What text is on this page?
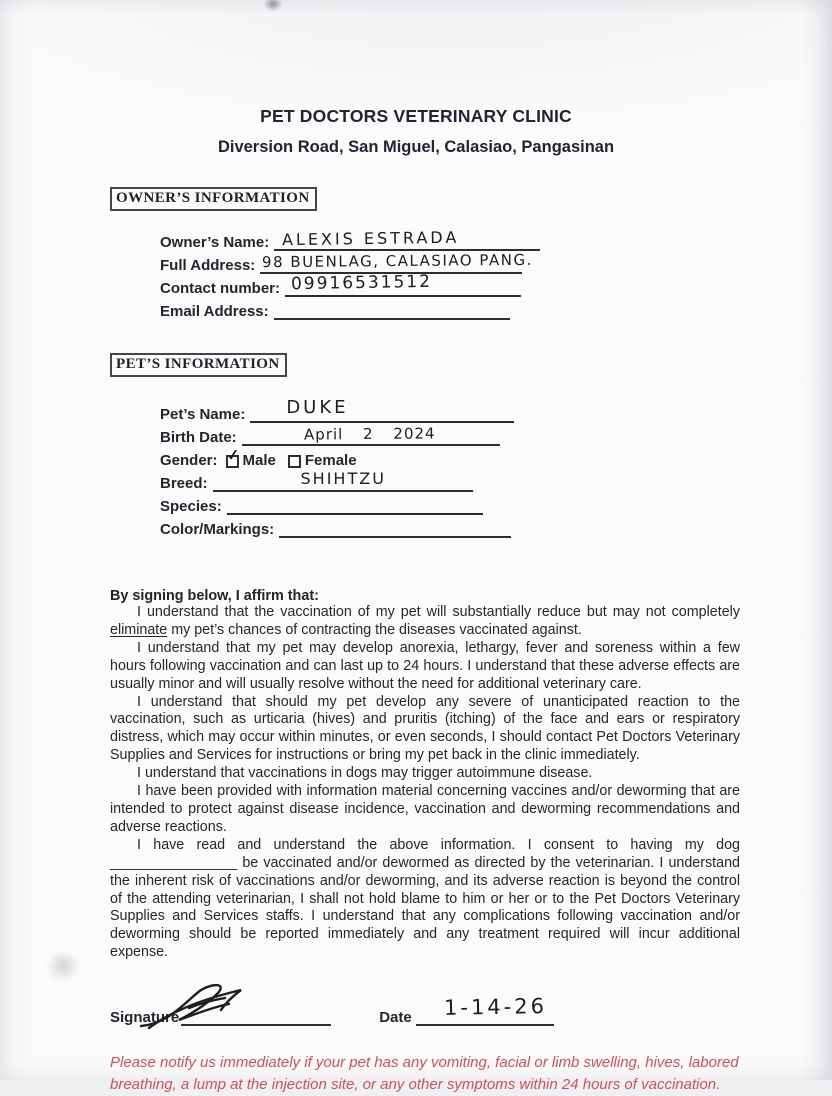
PET DOCTORS VETERINARY CLINIC
Diversion Road, San Miguel, Calasiao, Pangasinan
OWNER’S INFORMATION
Owner’s Name: ALEXIS ESTRADA
Full Address: 98 BUENLAG, CALASIAO PANG.
Contact number: 09916531512
Email Address:
PET’S INFORMATION
Pet’s Name: DUKE
Birth Date:	April 2 2024
Gender: ✓ Male Female
Breed:	SHIHTZU
Species:
Color/Markings:

By signing below, I affirm that:

I understand that the vaccination of my pet will substantially reduce but may not completely eliminate my pet’s chances of contracting the diseases vaccinated against.

I understand that my pet may develop anorexia, lethargy, fever and soreness within a few hours following vaccination and can last up to 24 hours. I understand that these adverse effects are usually minor and will usually resolve without the need for additional veterinary care.

I understand that should my pet develop any severe of unanticipated reaction to the vaccination, such as urticaria (hives) and pruritis (itching) of the face and ears or respiratory distress, which may occur within minutes, or even seconds, I should contact Pet Doctors Veterinary Supplies and Services for instructions or bring my pet back in the clinic immediately.

I understand that vaccinations in dogs may trigger autoimmune disease.

I have been provided with information material concerning vaccines and/or deworming that are intended to protect against disease incidence, vaccination and deworming recommendations and adverse reactions.

I have read and understand the above information. I consent to having my dog ________________ be vaccinated and/or dewormed as directed by the veterinarian. I understand the inherent risk of vaccinations and/or deworming, and its adverse reaction is beyond the control of the attending veterinarian, I shall not hold blame to him or her or to the Pet Doctors Veterinary Supplies and Services staffs. I understand that any complications following vaccination and/or deworming should be reported immediately and any treatment required will incur additional expense.

Signature	Date 1-14-26

Please notify us immediately if your pet has any vomiting, facial or limb swelling, hives, labored breathing, a lump at the injection site, or any other symptoms within 24 hours of vaccination.
